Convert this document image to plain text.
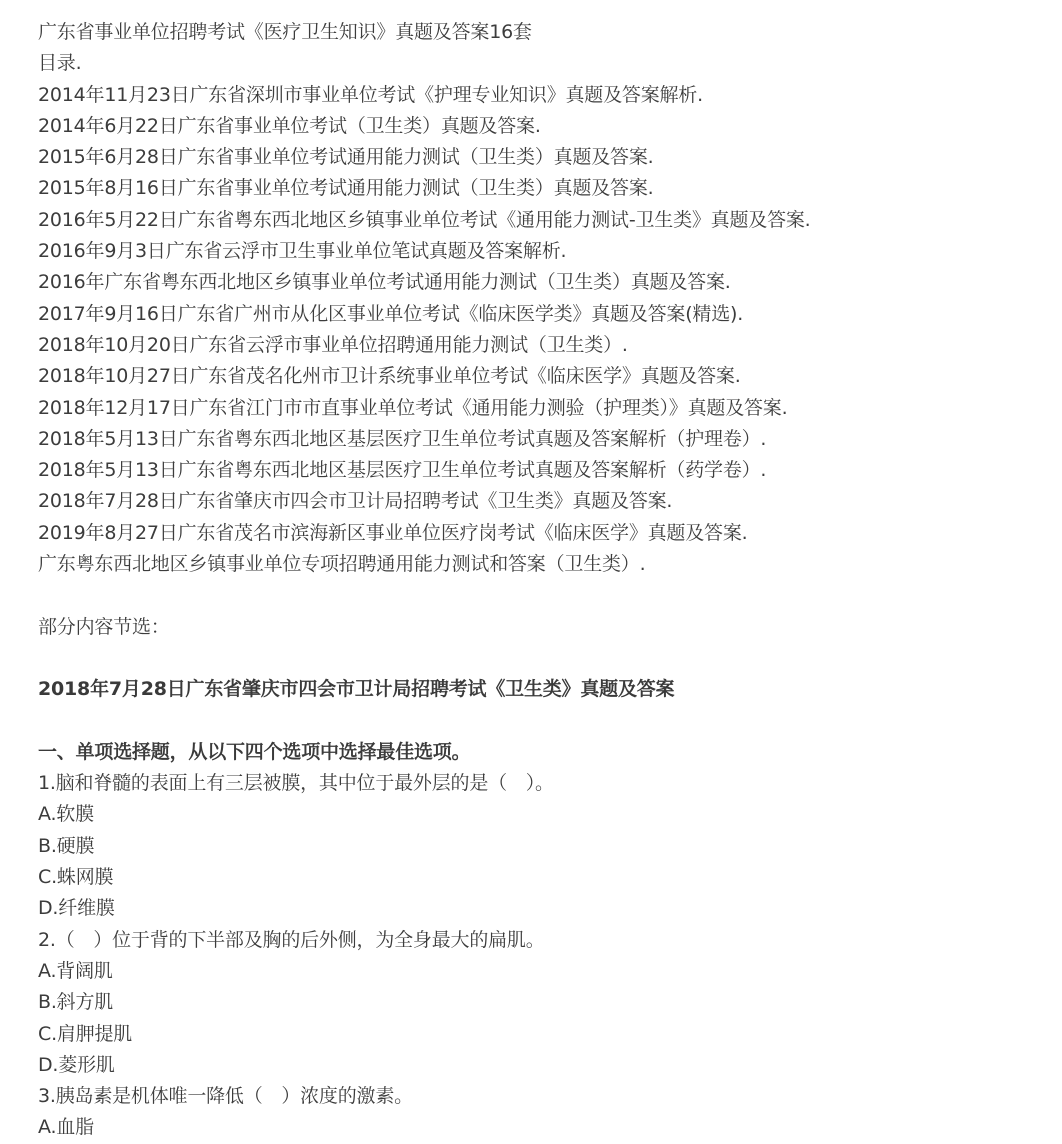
广东省事业单位招聘考试《医疗卫生知识》真题及答案16套
目录.
2014年11月23日广东省深圳市事业单位考试《护理专业知识》真题及答案解析.
2014年6月22日广东省事业单位考试（卫生类）真题及答案.
2015年6月28日广东省事业单位考试通用能力测试（卫生类）真题及答案.
2015年8月16日广东省事业单位考试通用能力测试（卫生类）真题及答案.
2016年5月22日广东省粤东西北地区乡镇事业单位考试《通用能力测试-卫生类》真题及答案.
2016年9月3日广东省云浮市卫生事业单位笔试真题及答案解析.
2016年广东省粤东西北地区乡镇事业单位考试通用能力测试（卫生类）真题及答案.
2017年9月16日广东省广州市从化区事业单位考试《临床医学类》真题及答案(精选).
2018年10月20日广东省云浮市事业单位招聘通用能力测试（卫生类）.
2018年10月27日广东省茂名化州市卫计系统事业单位考试《临床医学》真题及答案.
2018年12月17日广东省江门市市直事业单位考试《通用能力测验（护理类）》真题及答案.
2018年5月13日广东省粤东西北地区基层医疗卫生单位考试真题及答案解析（护理卷）.
2018年5月13日广东省粤东西北地区基层医疗卫生单位考试真题及答案解析（药学卷）.
2018年7月28日广东省肇庆市四会市卫计局招聘考试《卫生类》真题及答案.
2019年8月27日广东省茂名市滨海新区事业单位医疗岗考试《临床医学》真题及答案.
广东粤东西北地区乡镇事业单位专项招聘通用能力测试和答案（卫生类）.
部分内容节选：
2018年7月28日广东省肇庆市四会市卫计局招聘考试《卫生类》真题及答案
一、单项选择题，从以下四个选项中选择最佳选项。
1.脑和脊髓的表面上有三层被膜，其中位于最外层的是（　）。
A.软膜
B.硬膜
C.蛛网膜
D.纤维膜
2.（　）位于背的下半部及胸的后外侧，为全身最大的扁肌。
A.背阔肌
B.斜方肌
C.肩胛提肌
D.菱形肌
3.胰岛素是机体唯一降低（　）浓度的激素。
A.血脂
